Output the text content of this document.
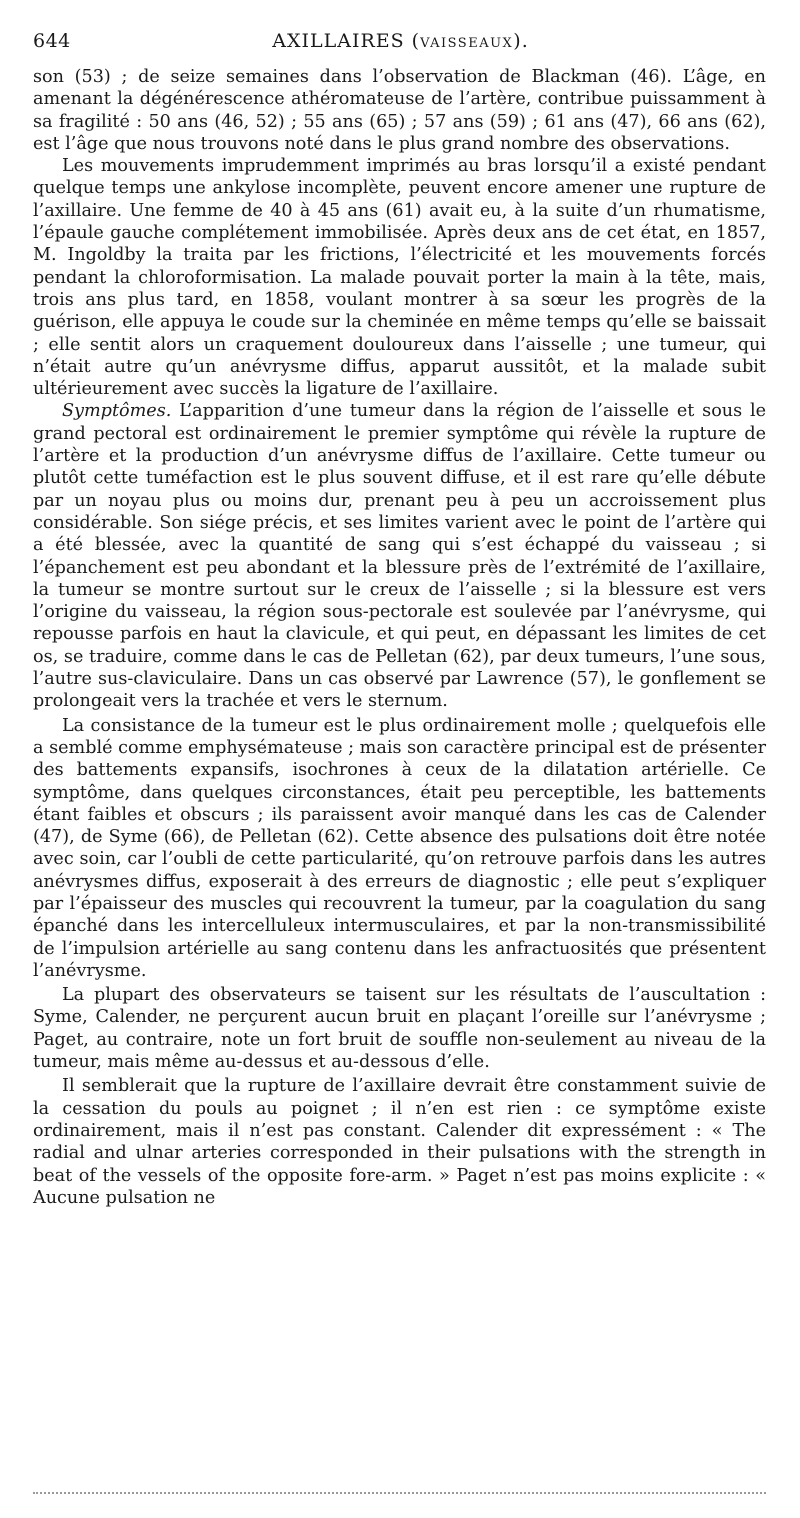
644	AXILLAIRES (VAISSEAUX).

son (53) ; de seize semaines dans l’observation de Blackman (46). L’âge, en amenant la dégénérescence athéromateuse de l’artère, contribue puissamment à sa fragilité : 50 ans (46, 52) ; 55 ans (65) ; 57 ans (59) ; 61 ans (47), 66 ans (62), est l’âge que nous trouvons noté dans le plus grand nombre des observations.

Les mouvements imprudemment imprimés au bras lorsqu’il a existé pendant quelque temps une ankylose incomplète, peuvent encore amener une rupture de l’axillaire. Une femme de 40 à 45 ans (61) avait eu, à la suite d’un rhumatisme, l’épaule gauche complétement immobilisée. Après deux ans de cet état, en 1857, M. Ingoldby la traita par les frictions, l’électricité et les mouvements forcés pendant la chloroformisation. La malade pouvait porter la main à la tête, mais, trois ans plus tard, en 1858, voulant montrer à sa sœur les progrès de la guérison, elle appuya le coude sur la cheminée en même temps qu’elle se baissait ; elle sentit alors un craquement douloureux dans l’aisselle ; une tumeur, qui n’était autre qu’un anévrysme diffus, apparut aussitôt, et la malade subit ultérieurement avec succès la ligature de l’axillaire.

Symptômes. L’apparition d’une tumeur dans la région de l’aisselle et sous le grand pectoral est ordinairement le premier symptôme qui révèle la rupture de l’artère et la production d’un anévrysme diffus de l’axillaire. Cette tumeur ou plutôt cette tuméfaction est le plus souvent diffuse, et il est rare qu’elle débute par un noyau plus ou moins dur, prenant peu à peu un accroissement plus considérable. Son siége précis, et ses limites varient avec le point de l’artère qui a été blessée, avec la quantité de sang qui s’est échappé du vaisseau ; si l’épanchement est peu abondant et la blessure près de l’extrémité de l’axillaire, la tumeur se montre surtout sur le creux de l’aisselle ; si la blessure est vers l’origine du vaisseau, la région sous-pectorale est soulevée par l’anévrysme, qui repousse parfois en haut la clavicule, et qui peut, en dépassant les limites de cet os, se traduire, comme dans le cas de Pelletan (62), par deux tumeurs, l’une sous, l’autre sus-claviculaire. Dans un cas observé par Lawrence (57), le gonflement se prolongeait vers la trachée et vers le sternum.

La consistance de la tumeur est le plus ordinairement molle ; quelquefois elle a semblé comme emphysémateuse ; mais son caractère principal est de présenter des battements expansifs, isochrones à ceux de la dilatation artérielle. Ce symptôme, dans quelques circonstances, était peu perceptible, les battements étant faibles et obscurs ; ils paraissent avoir manqué dans les cas de Calender (47), de Syme (66), de Pelletan (62). Cette absence des pulsations doit être notée avec soin, car l’oubli de cette particularité, qu’on retrouve parfois dans les autres anévrysmes diffus, exposerait à des erreurs de diagnostic ; elle peut s’expliquer par l’épaisseur des muscles qui recouvrent la tumeur, par la coagulation du sang épanché dans les intercelluleux intermusculaires, et par la non-transmissibilité de l’impulsion artérielle au sang contenu dans les anfractuosités que présentent l’anévrysme.

La plupart des observateurs se taisent sur les résultats de l’auscultation : Syme, Calender, ne perçurent aucun bruit en plaçant l’oreille sur l’anévrysme ; Paget, au contraire, note un fort bruit de souffle non-seulement au niveau de la tumeur, mais même au-dessus et au-dessous d’elle.

Il semblerait que la rupture de l’axillaire devrait être constamment suivie de la cessation du pouls au poignet ; il n’en est rien : ce symptôme existe ordinairement, mais il n’est pas constant. Calender dit expressément : « The radial and ulnar arteries corresponded in their pulsations with the strength in beat of the vessels of the opposite fore-arm. » Paget n’est pas moins explicite : « Aucune pulsation ne
